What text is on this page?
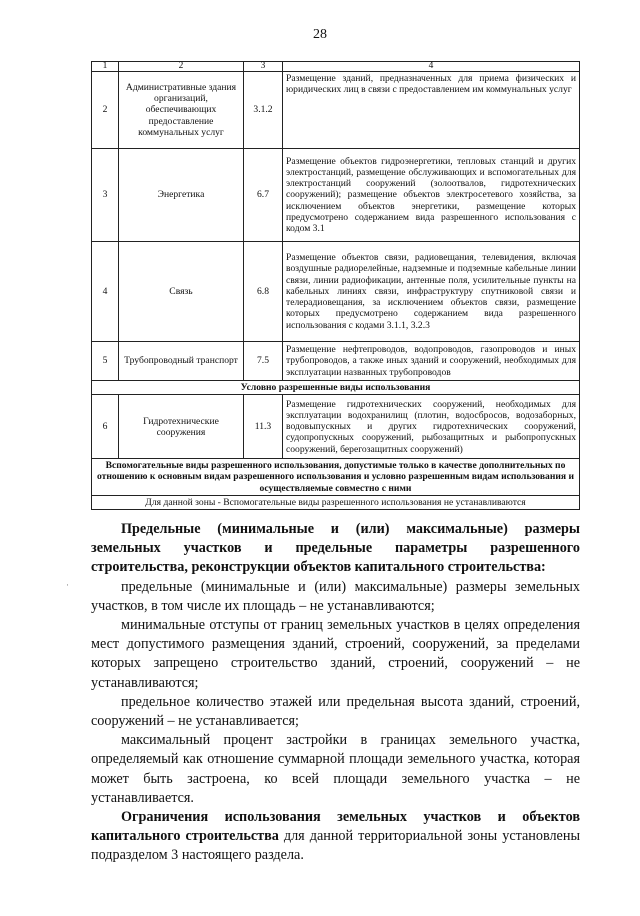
28
1	2	3	4
2	Административные здания организаций, обеспечивающих предоставление коммунальных услуг	3.1.2	Размещение зданий, предназначенных для приема физических и юридических лиц в связи с предоставлением им коммунальных услуг
3	Энергетика	6.7	Размещение объектов гидроэнергетики, тепловых станций и других электростанций, размещение обслуживающих и вспомогательных для электростанций сооружений (золоотвалов, гидротехнических сооружений); размещение объектов электросетевого хозяйства, за исключением объектов энергетики, размещение которых предусмотрено содержанием вида разрешенного использования с кодом 3.1
4	Связь	6.8	Размещение объектов связи, радиовещания, телевидения, включая воздушные радиорелейные, надземные и подземные кабельные линии связи, линии радиофикации, антенные поля, усилительные пункты на кабельных линиях связи, инфраструктуру спутниковой связи и телерадиовещания, за исключением объектов связи, размещение которых предусмотрено содержанием вида разрешенного использования с кодами 3.1.1, 3.2.3
5	Трубопроводный транспорт	7.5	Размещение нефтепроводов, водопроводов, газопроводов и иных трубопроводов, а также иных зданий и сооружений, необходимых для эксплуатации названных трубопроводов
Условно разрешенные виды использования			
6	Гидротехнические сооружения	11.3	Размещение гидротехнических сооружений, необходимых для эксплуатации водохранилищ (плотин, водосбросов, водозаборных, водовыпускных и других гидротехнических сооружений, судопропускных сооружений, рыбозащитных и рыбопропускных сооружений, берегозащитных сооружений)
Вспомогательные виды разрешенного использования, допустимые только в качестве дополнительных по отношению к основным видам разрешенного использования и условно разрешенным видам использования и осуществляемые совместно с ними			
Для данной зоны - Вспомогательные виды разрешенного использования не устанавливаются			
·

Предельные (минимальные и (или) максимальные) размеры земельных участков и предельные параметры разрешенного строительства, реконструкции объектов капитального строительства:

предельные (минимальные и (или) максимальные) размеры земельных участков, в том числе их площадь – не устанавливаются;

минимальные отступы от границ земельных участков в целях определения мест допустимого размещения зданий, строений, сооружений, за пределами которых запрещено строительство зданий, строений, сооружений – не устанавливаются;

предельное количество этажей или предельная высота зданий, строений, сооружений – не устанавливается;

максимальный процент застройки в границах земельного участка, определяемый как отношение суммарной площади земельного участка, которая может быть застроена, ко всей площади земельного участка – не устанавливается.

Ограничения использования земельных участков и объектов капитального строительства для данной территориальной зоны установлены подразделом 3 настоящего раздела.
